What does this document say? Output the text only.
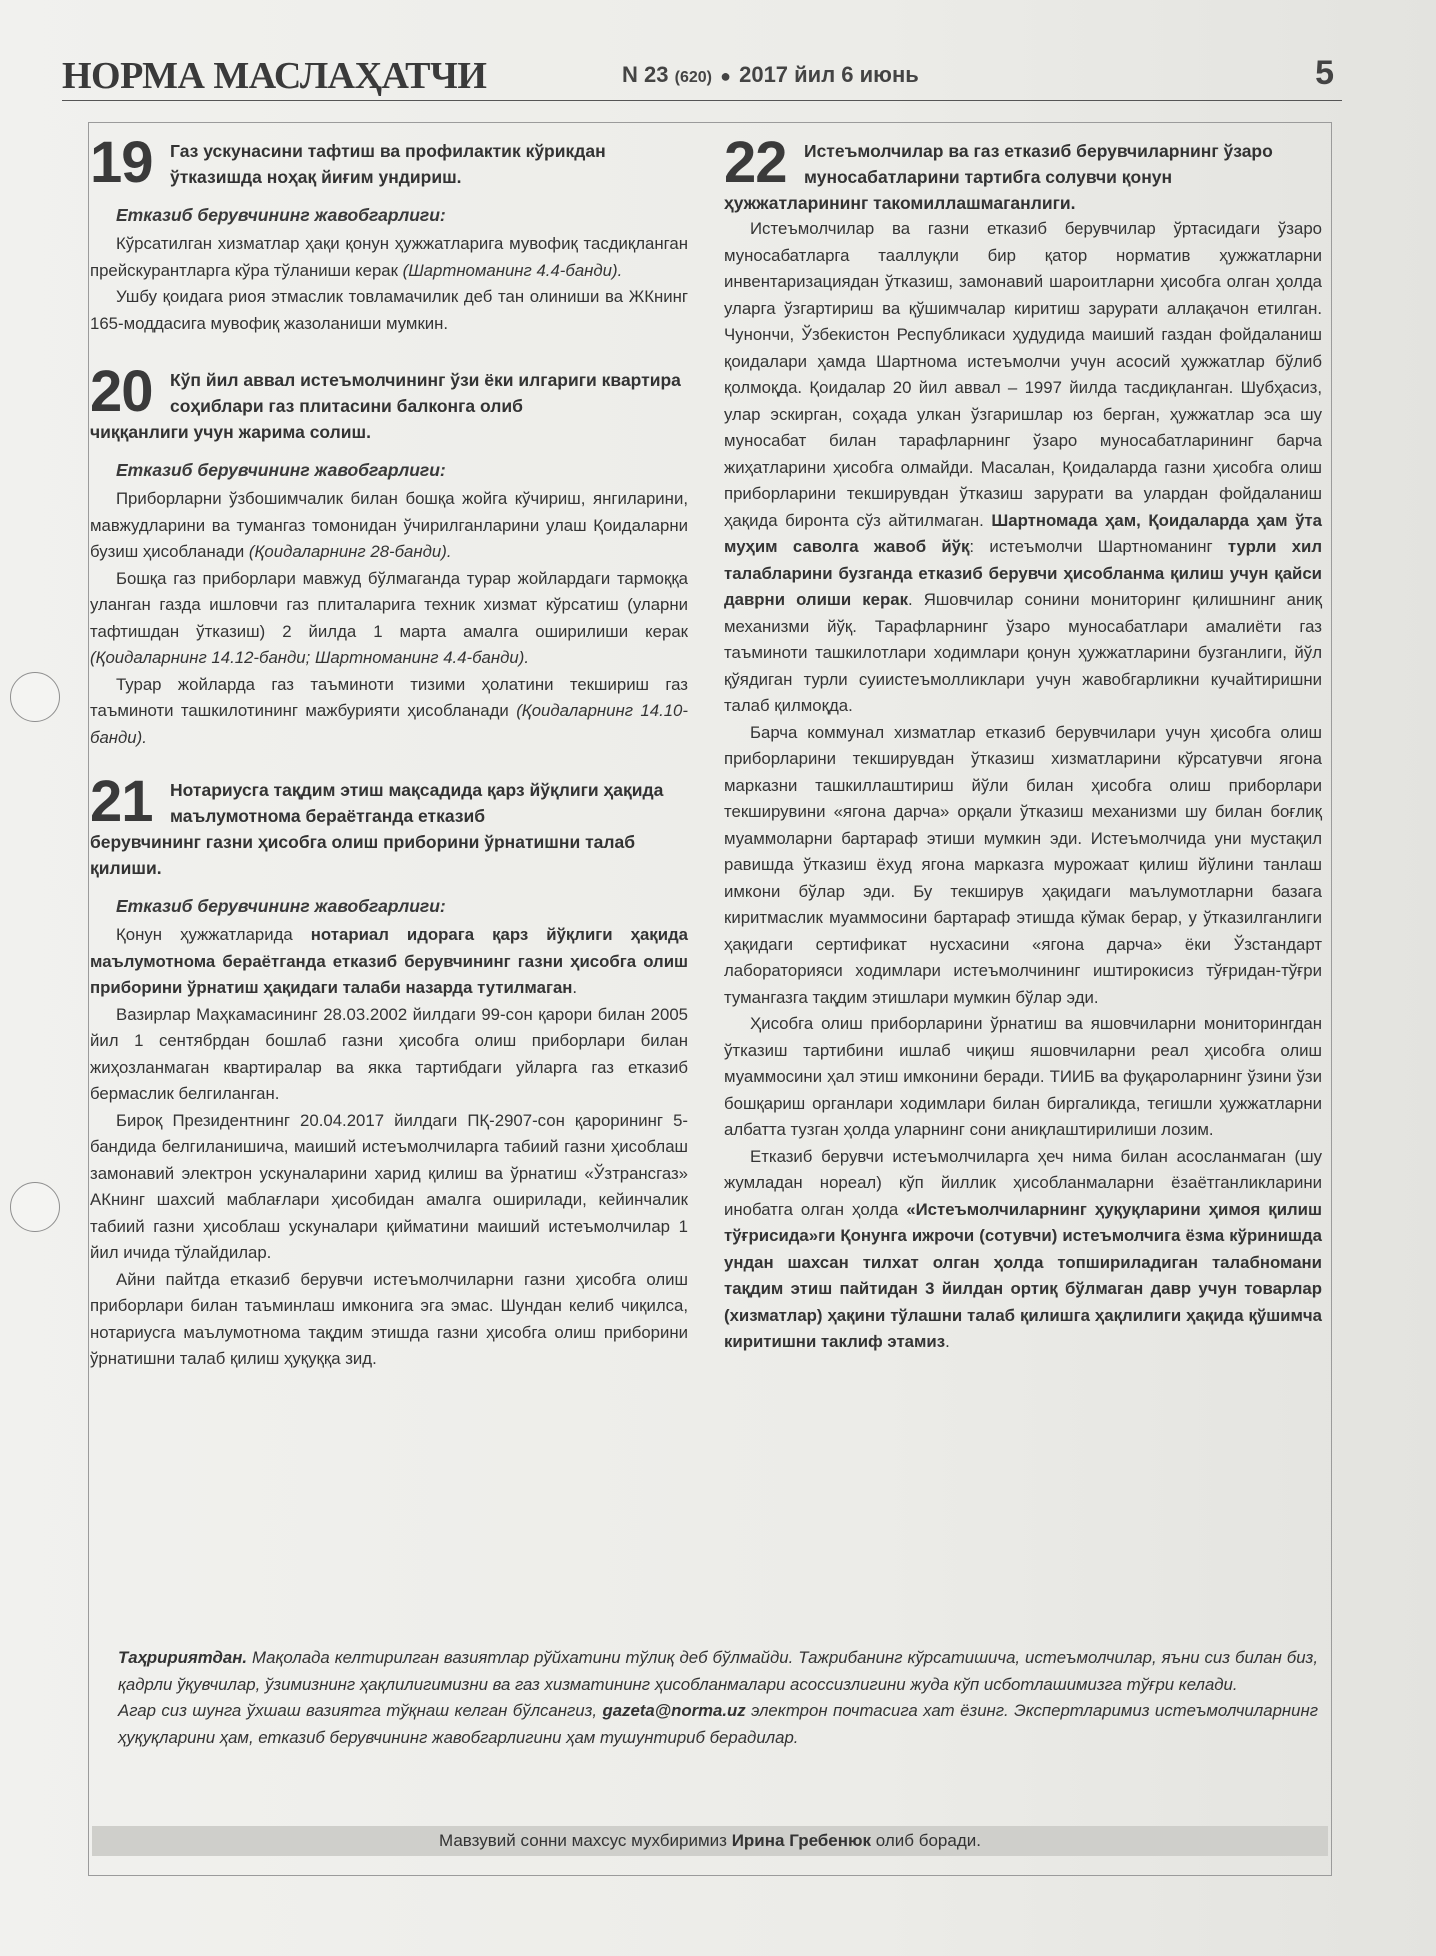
НОРМА МАСЛАҲАТЧИ	N 23 (620) ● 2017 йил 6 июнь	5
19 Газ ускунасини тафтиш ва профилактик кўрикдан ўтказишда ноҳақ йиғим ундириш.
Етказиб берувчининг жавобгарлиги:

Кўрсатилган хизматлар ҳақи қонун ҳужжатларига мувофиқ тасдиқланган прейскурантларга кўра тўланиши керак (Шартноманинг 4.4-банди).

Ушбу қоидага риоя этмаслик товламачилик деб тан олиниши ва ЖКнинг 165-моддасига мувофиқ жазоланиши мумкин.

20 Кўп йил аввал истеъмолчининг ўзи ёки илгариги квартира соҳиблари газ плитасини балконга олиб
чиққанлиги учун жарима солиш.
Етказиб берувчининг жавобгарлиги:

Приборларни ўзбошимчалик билан бошқа жойга кўчириш, янгиларини, мавжудларини ва тумангаз томонидан ўчирилганларини улаш Қоидаларни бузиш ҳисобланади (Қоидаларнинг 28-банди).

Бошқа газ приборлари мавжуд бўлмаганда турар жойлардаги тармоққа уланган газда ишловчи газ плиталарига техник хизмат кўрсатиш (уларни тафтишдан ўтказиш) 2 йилда 1 марта амалга оширилиши керак (Қоидаларнинг 14.12-банди; Шартноманинг 4.4-банди).

Турар жойларда газ таъминоти тизими ҳолатини текшириш газ таъминоти ташкилотининг мажбурияти ҳисобланади (Қоидаларнинг 14.10-банди).

21 Нотариусга тақдим этиш мақсадида қарз йўқлиги ҳақида маълумотнома бераётганда етказиб
берувчининг газни ҳисобга олиш приборини ўрнатишни талаб қилиши.
Етказиб берувчининг жавобгарлиги:

Қонун ҳужжатларида нотариал идорага қарз йўқлиги ҳақида маълумотнома бераётганда етказиб берувчининг газни ҳисобга олиш приборини ўрнатиш ҳақидаги талаби назарда тутилмаган.

Вазирлар Маҳкамасининг 28.03.2002 йилдаги 99-сон қарори билан 2005 йил 1 сентябрдан бошлаб газни ҳисобга олиш приборлари билан жиҳозланмаган квартиралар ва якка тартибдаги уйларга газ етказиб бермаслик белгиланган.

Бироқ Президентнинг 20.04.2017 йилдаги ПҚ-2907-сон қарорининг 5-бандида белгиланишича, маиший истеъмолчиларга табиий газни ҳисоблаш замонавий электрон ускуналарини харид қилиш ва ўрнатиш «Ўзтрансгаз» АКнинг шахсий маблағлари ҳисобидан амалга оширилади, кейинчалик табиий газни ҳисоблаш ускуналари қийматини маиший истеъмолчилар 1 йил ичида тўлайдилар.

Айни пайтда етказиб берувчи истеъмолчиларни газни ҳисобга олиш приборлари билан таъминлаш имконига эга эмас. Шундан келиб чиқилса, нотариусга маълумотнома тақдим этишда газни ҳисобга олиш приборини ўрнатишни талаб қилиш ҳуқуққа зид.

22 Истеъмолчилар ва газ етказиб берувчиларнинг ўзаро муносабатларини тартибга солувчи қонун
ҳужжатларининг такомиллашмаганлиги.

Истеъмолчилар ва газни етказиб берувчилар ўртасидаги ўзаро муносабатларга тааллуқли бир қатор норматив ҳужжатларни инвентаризациядан ўтказиш, замонавий шароитларни ҳисобга олган ҳолда уларга ўзгартириш ва қўшимчалар киритиш зарурати аллақачон етилган. Чунончи, Ўзбекистон Республикаси ҳудудида маиший газдан фойдаланиш қоидалари ҳамда Шартнома истеъмолчи учун асосий ҳужжатлар бўлиб қолмоқда. Қоидалар 20 йил аввал – 1997 йилда тасдиқланган. Шубҳасиз, улар эскирган, соҳада улкан ўзгаришлар юз берган, ҳужжатлар эса шу муносабат билан тарафларнинг ўзаро муносабатларининг барча жиҳатларини ҳисобга олмайди. Масалан, Қоидаларда газни ҳисобга олиш приборларини текширувдан ўтказиш зарурати ва улардан фойдаланиш ҳақида биронта сўз айтилмаган. Шартномада ҳам, Қоидаларда ҳам ўта муҳим саволга жавоб йўқ: истеъмолчи Шартноманинг турли хил талабларини бузганда етказиб берувчи ҳисобланма қилиш учун қайси даврни олиши керак. Яшовчилар сонини мониторинг қилишнинг аниқ механизми йўқ. Тарафларнинг ўзаро муносабатлари амалиёти газ таъминоти ташкилотлари ходимлари қонун ҳужжатларини бузганлиги, йўл қўядиган турли суиистеъмолликлари учун жавобгарликни кучайтиришни талаб қилмоқда.

Барча коммунал хизматлар етказиб берувчилари учун ҳисобга олиш приборларини текширувдан ўтказиш хизматларини кўрсатувчи ягона марказни ташкиллаштириш йўли билан ҳисобга олиш приборлари текширувини «ягона дарча» орқали ўтказиш механизми шу билан боғлиқ муаммоларни бартараф этиши мумкин эди. Истеъмолчида уни мустақил равишда ўтказиш ёхуд ягона марказга мурожаат қилиш йўлини танлаш имкони бўлар эди. Бу текширув ҳақидаги маълумотларни базага киритмаслик муаммосини бартараф этишда кўмак берар, у ўтказилганлиги ҳақидаги сертификат нусхасини «ягона дарча» ёки Ўзстандарт лабораторияси ходимлари истеъмолчининг иштирокисиз тўғридан-тўғри тумангазга тақдим этишлари мумкин бўлар эди.

Ҳисобга олиш приборларини ўрнатиш ва яшовчиларни мониторингдан ўтказиш тартибини ишлаб чиқиш яшовчиларни реал ҳисобга олиш муаммосини ҳал этиш имконини беради. ТИИБ ва фуқароларнинг ўзини ўзи бошқариш органлари ходимлари билан биргаликда, тегишли ҳужжатларни албатта тузган ҳолда уларнинг сони аниқлаштирилиши лозим.

Етказиб берувчи истеъмолчиларга ҳеч нима билан асосланмаган (шу жумладан нореал) кўп йиллик ҳисобланмаларни ёзаётганликларини инобатга олган ҳолда «Истеъмолчиларнинг ҳуқуқларини ҳимоя қилиш тўғрисида»ги Қонунга ижрочи (сотувчи) истеъмолчига ёзма кўринишда ундан шахсан тилхат олган ҳолда топшириладиган талабномани тақдим этиш пайтидан 3 йилдан ортиқ бўлмаган давр учун товарлар (хизматлар) ҳақини тўлашни талаб қилишга ҳақлилиги ҳақида қўшимча киритишни таклиф этамиз.

Таҳририятдан. Мақолада келтирилган вазиятлар рўйхатини тўлиқ деб бўлмайди. Тажрибанинг кўрсатишича, истеъмолчилар, яъни сиз билан биз, қадрли ўқувчилар, ўзимизнинг ҳақлилигимизни ва газ хизматининг ҳисобланмалари асоссизлигини жуда кўп исботлашимизга тўғри келади.

Агар сиз шунга ўхшаш вазиятга тўқнаш келган бўлсангиз, gazeta@norma.uz электрон почтасига хат ёзинг. Экспертларимиз истеъмолчиларнинг ҳуқуқларини ҳам, етказиб берувчининг жавобгарлигини ҳам тушунтириб берадилар.

Мавзувий сонни махсус мухбиримиз Ирина Гребенюк олиб боради.
